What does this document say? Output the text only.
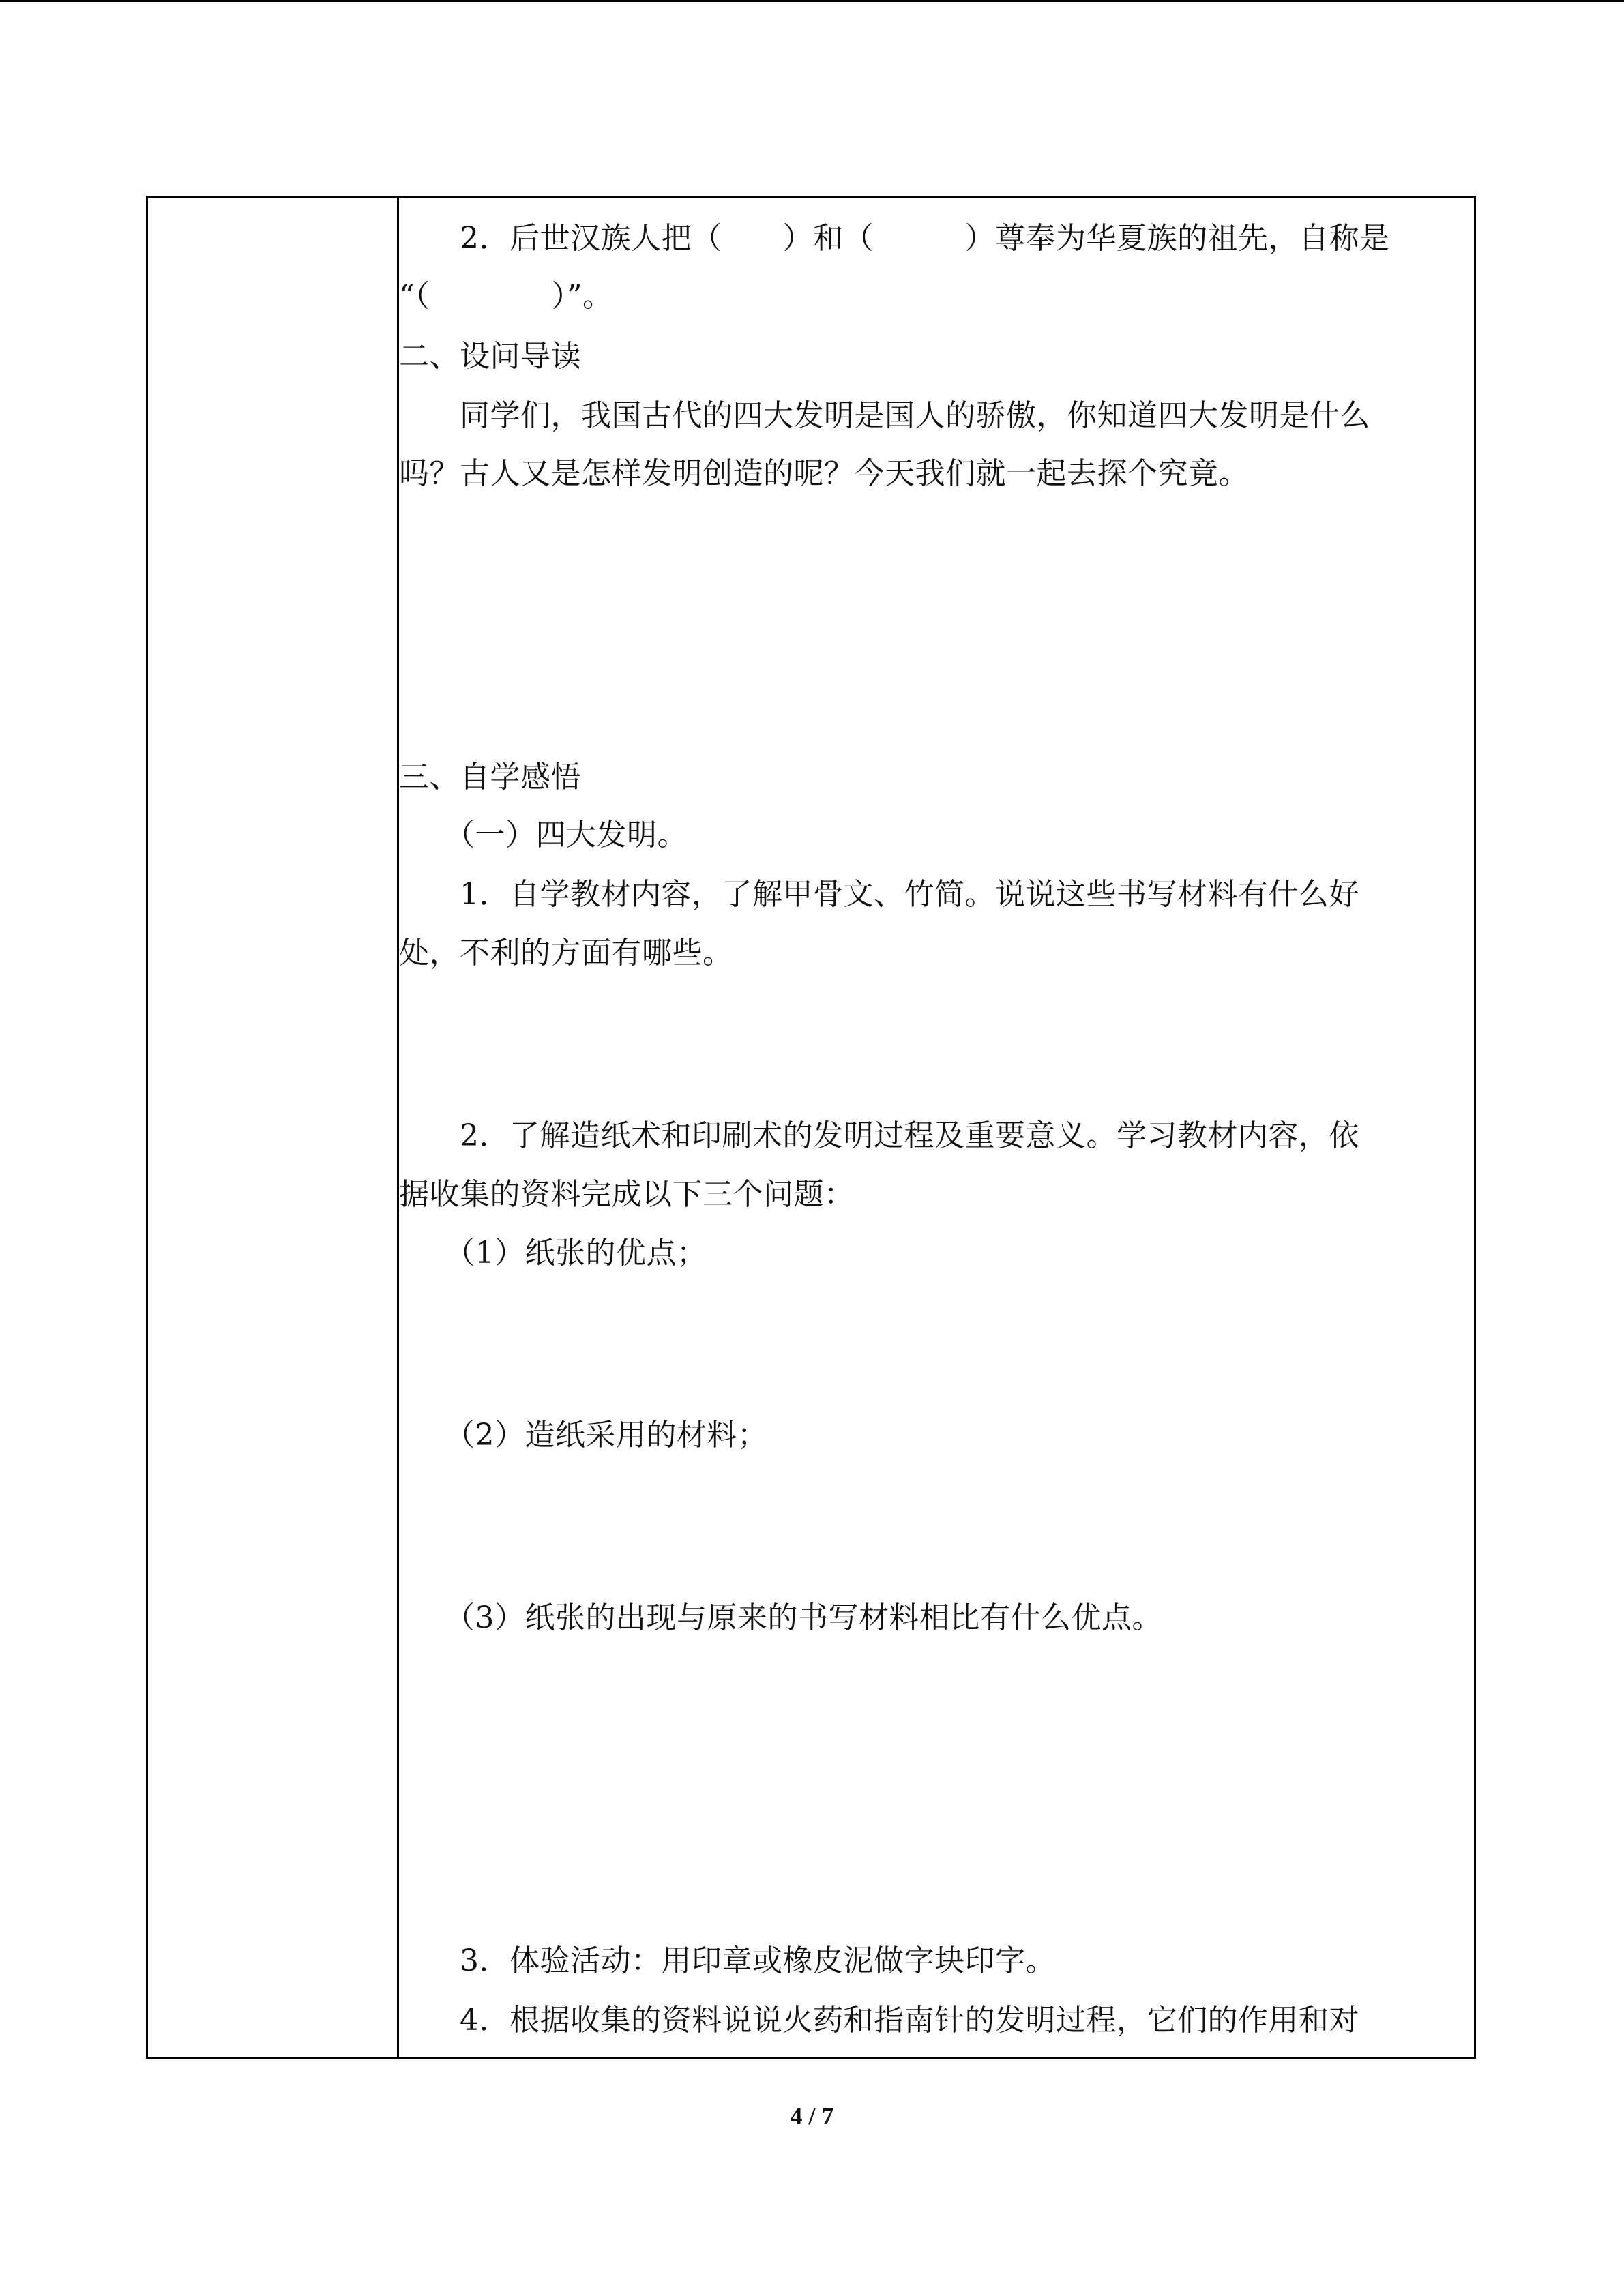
　　2．后世汉族人把（　　）和（　　　）尊奉为华夏族的祖先，自称是
“（　　　　）”。
二、设问导读
　　同学们，我国古代的四大发明是国人的骄傲，你知道四大发明是什么
吗？古人又是怎样发明创造的呢？今天我们就一起去探个究竟。
三、自学感悟
　　（一）四大发明。
　　1．自学教材内容，了解甲骨文、竹简。说说这些书写材料有什么好
处，不利的方面有哪些。
　　2．了解造纸术和印刷术的发明过程及重要意义。学习教材内容，依
据收集的资料完成以下三个问题：
　　（1）纸张的优点；
　　（2）造纸采用的材料；
　　（3）纸张的出现与原来的书写材料相比有什么优点。
　　3．体验活动：用印章或橡皮泥做字块印字。
　　4．根据收集的资料说说火药和指南针的发明过程，它们的作用和对
4 / 7
